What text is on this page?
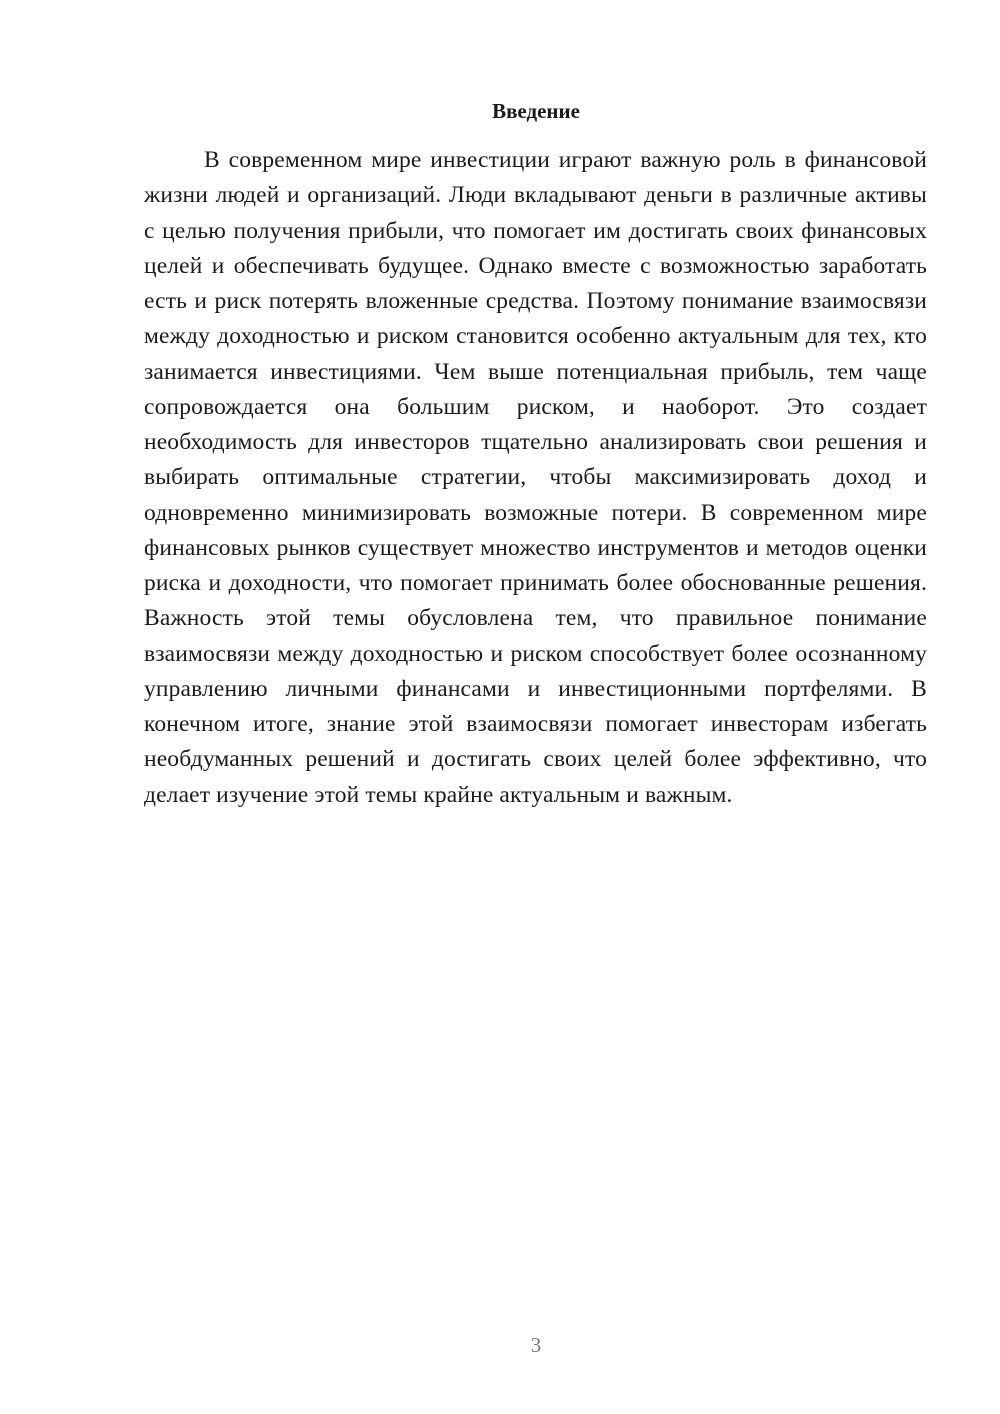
Введение

В современном мире инвестиции играют важную роль в финансовой жизни людей и организаций. Люди вкладывают деньги в различные активы с целью получения прибыли, что помогает им достигать своих финансовых целей и обеспечивать будущее. Однако вместе с возможностью заработать есть и риск потерять вложенные средства. Поэтому понимание взаимосвязи между доходностью и риском становится особенно актуальным для тех, кто занимается инвестициями. Чем выше потенциальная прибыль, тем чаще сопровождается она большим риском, и наоборот. Это создает необходимость для инвесторов тщательно анализировать свои решения и выбирать оптимальные стратегии, чтобы максимизировать доход и одновременно минимизировать возможные потери. В современном мире финансовых рынков существует множество инструментов и методов оценки риска и доходности, что помогает принимать более обоснованные решения. Важность этой темы обусловлена тем, что правильное понимание взаимосвязи между доходностью и риском способствует более осознанному управлению личными финансами и инвестиционными портфелями. В конечном итоге, знание этой взаимосвязи помогает инвесторам избегать необдуманных решений и достигать своих целей более эффективно, что делает изучение этой темы крайне актуальным и важным.

3
